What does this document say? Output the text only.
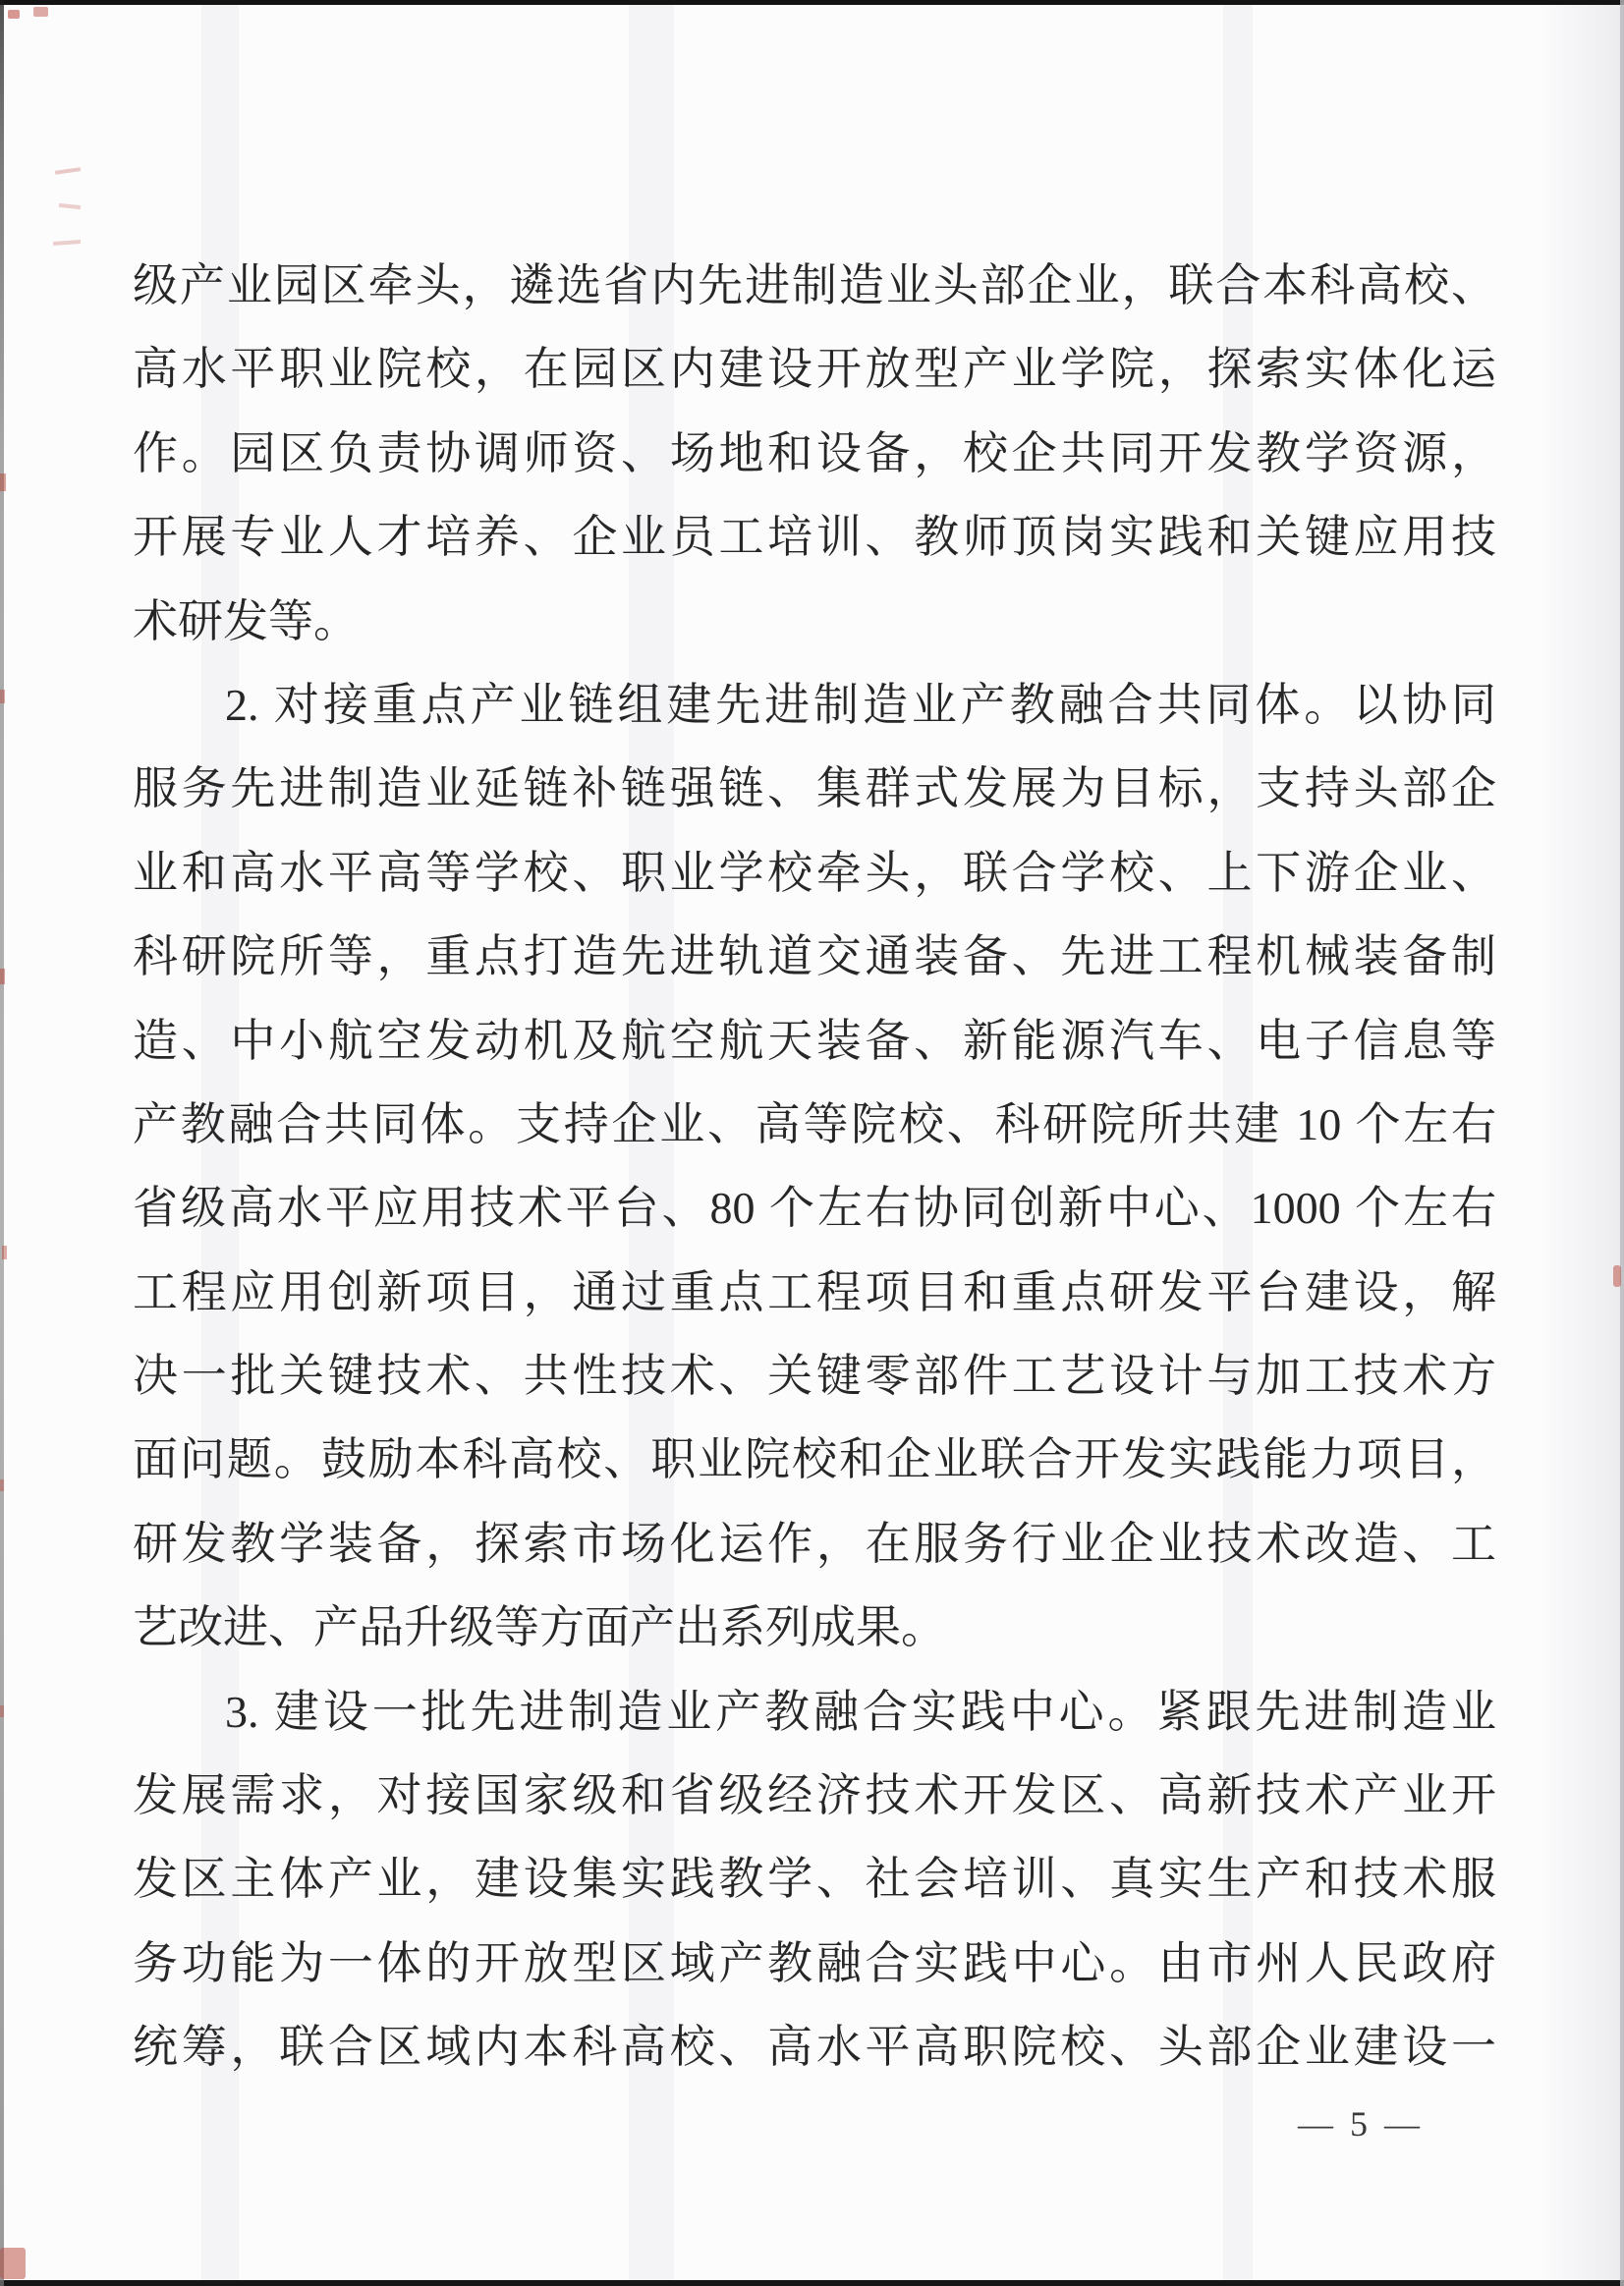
级产业园区牵头，遴选省内先进制造业头部企业，联合本科高校、
高水平职业院校，在园区内建设开放型产业学院，探索实体化运
作。园区负责协调师资、场地和设备，校企共同开发教学资源，
开展专业人才培养、企业员工培训、教师顶岗实践和关键应用技
术研发等。
2. 对接重点产业链组建先进制造业产教融合共同体。以协同
服务先进制造业延链补链强链、集群式发展为目标，支持头部企
业和高水平高等学校、职业学校牵头，联合学校、上下游企业、
科研院所等，重点打造先进轨道交通装备、先进工程机械装备制
造、中小航空发动机及航空航天装备、新能源汽车、电子信息等
产教融合共同体。支持企业、高等院校、科研院所共建 10 个左右
省级高水平应用技术平台、80 个左右协同创新中心、1000 个左右
工程应用创新项目，通过重点工程项目和重点研发平台建设，解
决一批关键技术、共性技术、关键零部件工艺设计与加工技术方
面问题。鼓励本科高校、职业院校和企业联合开发实践能力项目，
研发教学装备，探索市场化运作，在服务行业企业技术改造、工
艺改进、产品升级等方面产出系列成果。
3. 建设一批先进制造业产教融合实践中心。紧跟先进制造业
发展需求，对接国家级和省级经济技术开发区、高新技术产业开
发区主体产业，建设集实践教学、社会培训、真实生产和技术服
务功能为一体的开放型区域产教融合实践中心。由市州人民政府
统筹，联合区域内本科高校、高水平高职院校、头部企业建设一
— 5 —
